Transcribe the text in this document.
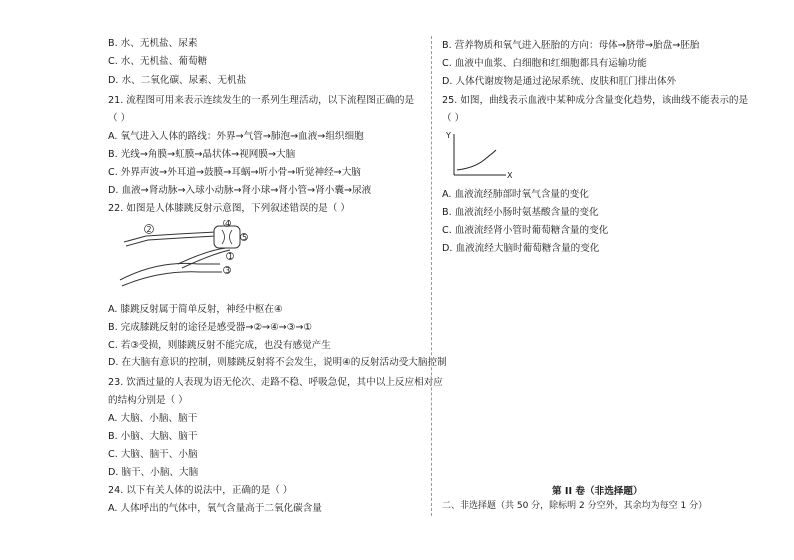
B. 水、无机盐、尿素
C. 水、无机盐、葡萄糖
D. 水、二氧化碳、尿素、无机盐
21. 流程图可用来表示连续发生的一系列生理活动，以下流程图正确的是
（ ）
A. 氧气进入人体的路线：外界→气管→肺泡→血液→组织细胞
B. 光线→角膜→虹膜→晶状体→视网膜→大脑
C. 外界声波→外耳道→鼓膜→耳蜗→听小骨→听觉神经→大脑
D. 血液→肾动脉→入球小动脉→肾小球→肾小管→肾小囊→尿液
22. 如图是人体膝跳反射示意图，下列叙述错误的是（ ）
2
4
5
1
3
A. 膝跳反射属于简单反射，神经中枢在④
B. 完成膝跳反射的途径是感受器→②→④→③→①
C. 若③受损，则膝跳反射不能完成，也没有感觉产生
D. 在大脑有意识的控制，则膝跳反射将不会发生，说明④的反射活动受大脑控制
23. 饮酒过量的人表现为语无伦次、走路不稳、呼吸急促，其中以上反应相对应
的结构分别是（ ）
A. 大脑、小脑、脑干
B. 小脑、大脑、脑干
C. 大脑、脑干、小脑
D. 脑干、小脑、大脑
24. 以下有关人体的说法中，正确的是（ ）
A. 人体呼出的气体中，氧气含量高于二氧化碳含量
B. 营养物质和氧气进入胚胎的方向：母体→脐带→胎盘→胚胎
C. 血液中血浆、白细胞和红细胞都具有运输功能
D. 人体代谢废物是通过泌尿系统、皮肤和肛门排出体外
25. 如图，曲线表示血液中某种成分含量变化趋势，该曲线不能表示的是
（ ）
Y
X
A. 血液流经肺部时氧气含量的变化
B. 血液流经小肠时氨基酸含量的变化
C. 血液流经肾小管时葡萄糖含量的变化
D. 血液流经大脑时葡萄糖含量的变化
第 II 卷（非选择题）
二、非选择题（共 50 分，除标明 2 分空外，其余均为每空 1 分）
